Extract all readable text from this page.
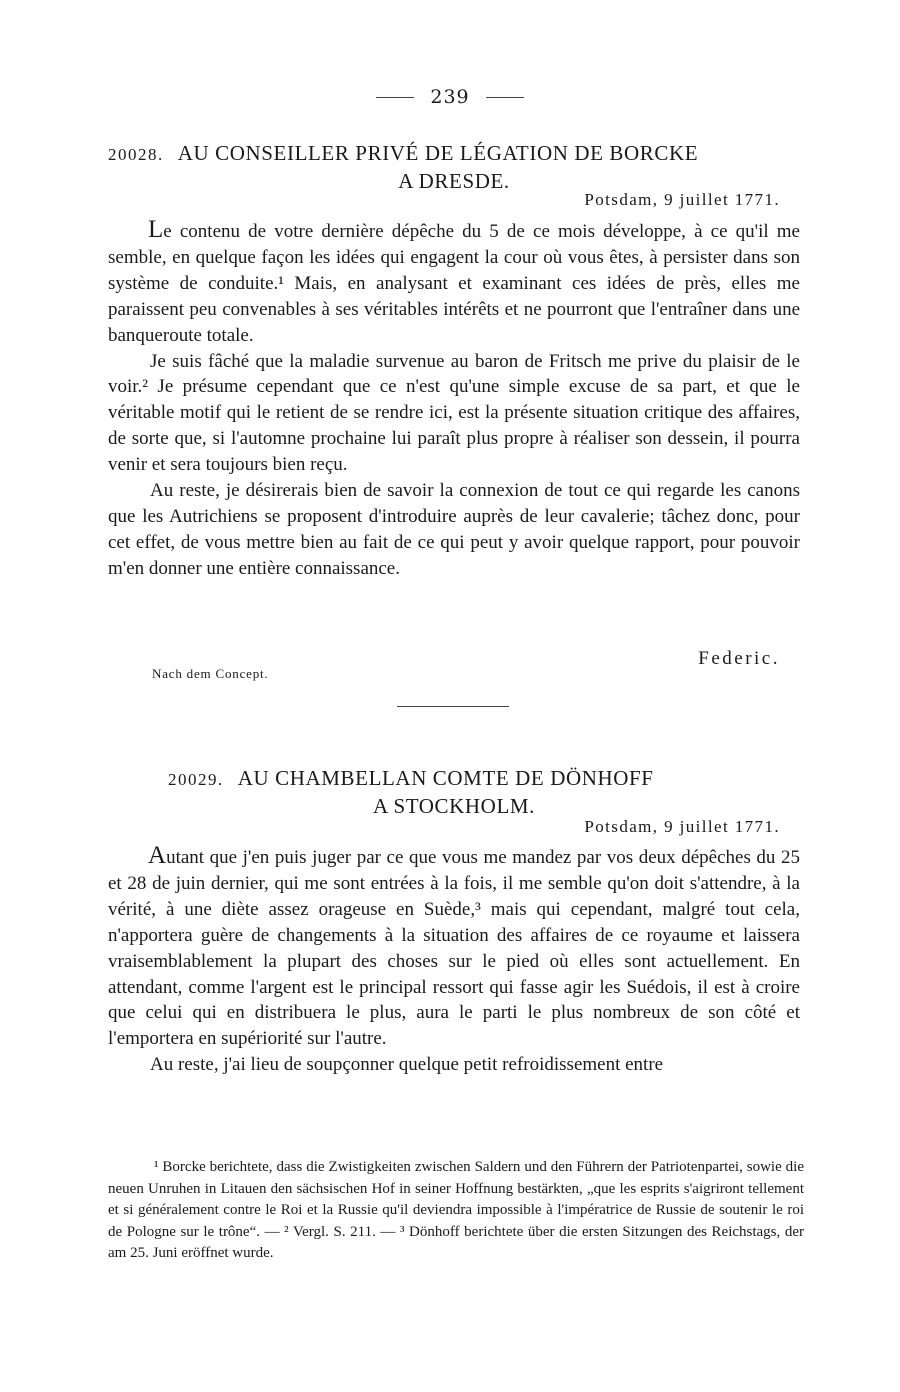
239
20028. AU CONSEILLER PRIVÉ DE LÉGATION DE BORCKE
A DRESDE.
Potsdam, 9 juillet 1771.

Le contenu de votre dernière dépêche du 5 de ce mois développe, à ce qu'il me semble, en quelque façon les idées qui engagent la cour où vous êtes, à persister dans son système de conduite.¹ Mais, en analysant et examinant ces idées de près, elles me paraissent peu convenables à ses véritables intérêts et ne pourront que l'entraîner dans une banqueroute totale.

Je suis fâché que la maladie survenue au baron de Fritsch me prive du plaisir de le voir.² Je présume cependant que ce n'est qu'une simple excuse de sa part, et que le véritable motif qui le retient de se rendre ici, est la présente situation critique des affaires, de sorte que, si l'automne prochaine lui paraît plus propre à réaliser son dessein, il pourra venir et sera toujours bien reçu.

Au reste, je désirerais bien de savoir la connexion de tout ce qui regarde les canons que les Autrichiens se proposent d'introduire auprès de leur cavalerie; tâchez donc, pour cet effet, de vous mettre bien au fait de ce qui peut y avoir quelque rapport, pour pouvoir m'en donner une entière connaissance.

Federic.
Nach dem Concept.
20029. AU CHAMBELLAN COMTE DE DÖNHOFF
A STOCKHOLM.
Potsdam, 9 juillet 1771.

Autant que j'en puis juger par ce que vous me mandez par vos deux dépêches du 25 et 28 de juin dernier, qui me sont entrées à la fois, il me semble qu'on doit s'attendre, à la vérité, à une diète assez orageuse en Suède,³ mais qui cependant, malgré tout cela, n'apportera guère de changements à la situation des affaires de ce royaume et laissera vraisemblablement la plupart des choses sur le pied où elles sont actuellement. En attendant, comme l'argent est le principal ressort qui fasse agir les Suédois, il est à croire que celui qui en distribuera le plus, aura le parti le plus nombreux de son côté et l'emportera en supériorité sur l'autre.

Au reste, j'ai lieu de soupçonner quelque petit refroidissement entre

¹ Borcke berichtete, dass die Zwistigkeiten zwischen Saldern und den Führern der Patriotenpartei, sowie die neuen Unruhen in Litauen den sächsischen Hof in seiner Hoffnung bestärkten, „que les esprits s'aigriront tellement et si généralement contre le Roi et la Russie qu'il deviendra impossible à l'impératrice de Russie de soutenir le roi de Pologne sur le trône“. — ² Vergl. S. 211. — ³ Dönhoff berichtete über die ersten Sitzungen des Reichstags, der am 25. Juni eröffnet wurde.
